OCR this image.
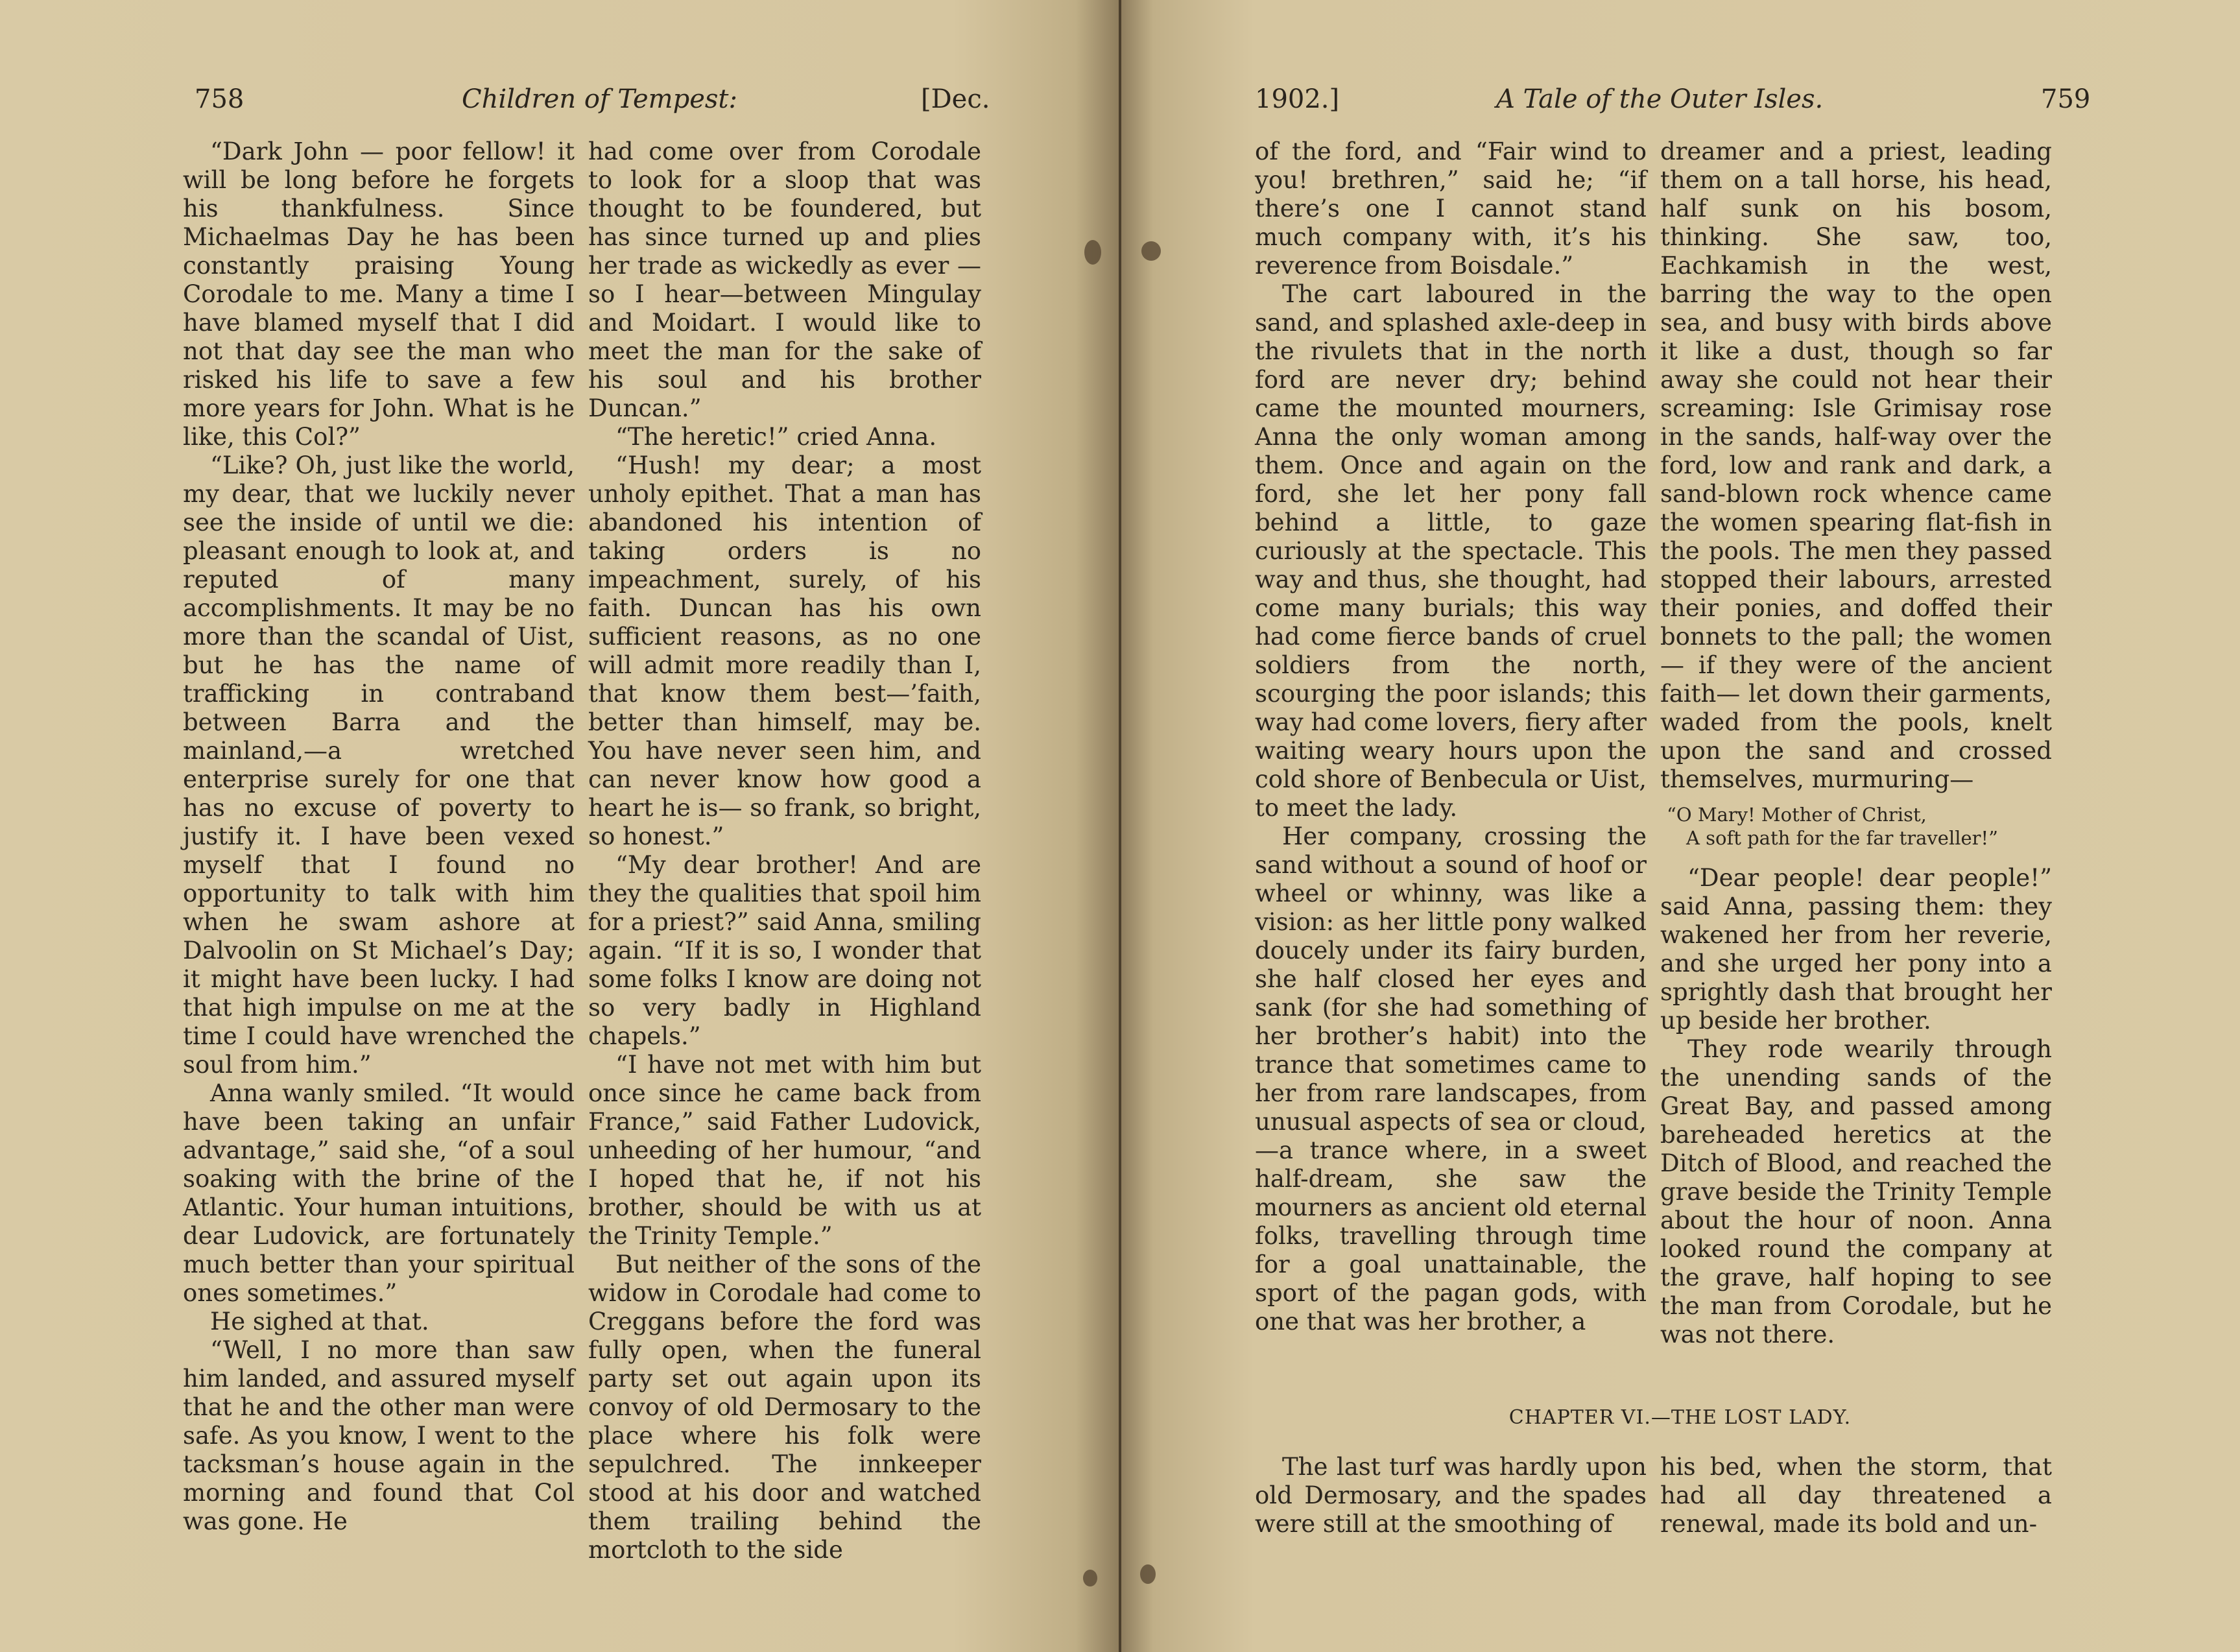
758	Children of Tempest:	[Dec.

“Dark John — poor fellow! it will be long before he forgets his thankfulness. Since Michaelmas Day he has been constantly praising Young Corodale to me. Many a time I have blamed myself that I did not that day see the man who risked his life to save a few more years for John. What is he like, this Col?”

“Like? Oh, just like the world, my dear, that we luckily never see the inside of until we die: pleasant enough to look at, and reputed of many accomplishments. It may be no more than the scandal of Uist, but he has the name of trafficking in contraband between Barra and the mainland,—a wretched enterprise surely for one that has no excuse of poverty to justify it. I have been vexed myself that I found no opportunity to talk with him when he swam ashore at Dalvoolin on St Michael’s Day; it might have been lucky. I had that high impulse on me at the time I could have wrenched the soul from him.”

Anna wanly smiled. “It would have been taking an unfair advantage,” said she, “of a soul soaking with the brine of the Atlantic. Your human intuitions, dear Ludovick, are fortunately much better than your spiritual ones sometimes.”

He sighed at that.

“Well, I no more than saw him landed, and assured myself that he and the other man were safe. As you know, I went to the tacksman’s house again in the morning and found that Col was gone. He

had come over from Corodale to look for a sloop that was thought to be foundered, but has since turned up and plies her trade as wickedly as ever —so I hear—between Mingulay and Moidart. I would like to meet the man for the sake of his soul and his brother Duncan.”

“The heretic!” cried Anna.

“Hush! my dear; a most unholy epithet. That a man has abandoned his intention of taking orders is no impeachment, surely, of his faith. Duncan has his own sufficient reasons, as no one will admit more readily than I, that know them best—’faith, better than himself, may be. You have never seen him, and can never know how good a heart he is— so frank, so bright, so honest.”

“My dear brother! And are they the qualities that spoil him for a priest?” said Anna, smiling again. “If it is so, I wonder that some folks I know are doing not so very badly in Highland chapels.”

“I have not met with him but once since he came back from France,” said Father Ludovick, unheeding of her humour, “and I hoped that he, if not his brother, should be with us at the Trinity Temple.”

But neither of the sons of the widow in Corodale had come to Creggans before the ford was fully open, when the funeral party set out again upon its convoy of old Dermosary to the place where his folk were sepulchred. The innkeeper stood at his door and watched them trailing behind the mortcloth to the side

1902.]	A Tale of the Outer Isles.	759

of the ford, and “Fair wind to you! brethren,” said he; “if there’s one I cannot stand much company with, it’s his reverence from Boisdale.”

The cart laboured in the sand, and splashed axle-deep in the rivulets that in the north ford are never dry; behind came the mounted mourners, Anna the only woman among them. Once and again on the ford, she let her pony fall behind a little, to gaze curiously at the spectacle. This way and thus, she thought, had come many burials; this way had come fierce bands of cruel soldiers from the north, scourging the poor islands; this way had come lovers, fiery after waiting weary hours upon the cold shore of Benbecula or Uist, to meet the lady.

Her company, crossing the sand without a sound of hoof or wheel or whinny, was like a vision: as her little pony walked doucely under its fairy burden, she half closed her eyes and sank (for she had something of her brother’s habit) into the trance that sometimes came to her from rare landscapes, from unusual aspects of sea or cloud, —a trance where, in a sweet half-dream, she saw the mourners as ancient old eternal folks, travelling through time for a goal unattainable, the sport of the pagan gods, with one that was her brother, a

dreamer and a priest, leading them on a tall horse, his head, half sunk on his bosom, thinking. She saw, too, Eachkamish in the west, barring the way to the open sea, and busy with birds above it like a dust, though so far away she could not hear their screaming: Isle Grimisay rose in the sands, half-way over the ford, low and rank and dark, a sand-blown rock whence came the women spearing flat-fish in the pools. The men they passed stopped their labours, arrested their ponies, and doffed their bonnets to the pall; the women — if they were of the ancient faith— let down their garments, waded from the pools, knelt upon the sand and crossed themselves, murmuring—

“O Mary! Mother of Christ,
A soft path for the far traveller!”

“Dear people! dear people!” said Anna, passing them: they wakened her from her reverie, and she urged her pony into a sprightly dash that brought her up beside her brother.

They rode wearily through the unending sands of the Great Bay, and passed among bareheaded heretics at the Ditch of Blood, and reached the grave beside the Trinity Temple about the hour of noon. Anna looked round the company at the grave, half hoping to see the man from Corodale, but he was not there.

CHAPTER VI.—THE LOST LADY.

The last turf was hardly upon old Dermosary, and the spades were still at the smoothing of

his bed, when the storm, that had all day threatened a renewal, made its bold and un-
